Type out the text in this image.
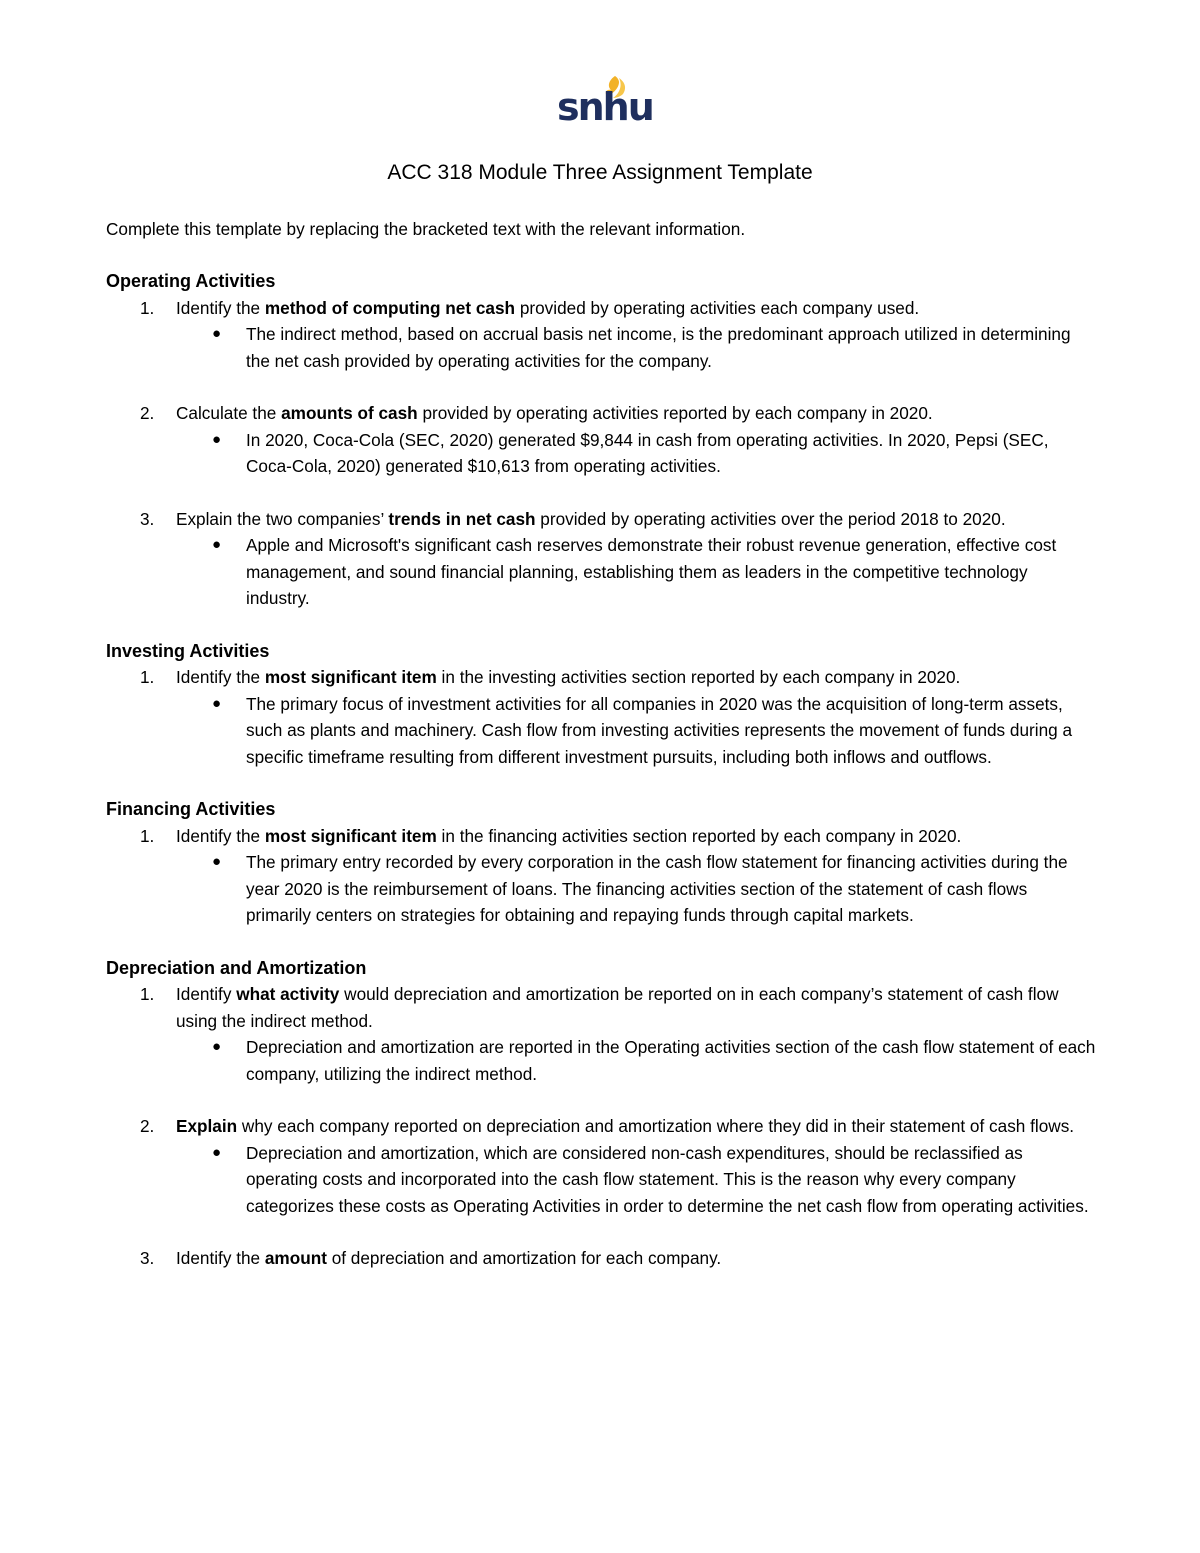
snhu
ACC 318 Module Three Assignment Template

Complete this template by replacing the bracketed text with the relevant information.

Operating Activities
1. Identify the method of computing net cash provided by operating activities each company used.
● The indirect method, based on accrual basis net income, is the predominant approach utilized in determining the net cash provided by operating activities for the company.
2. Calculate the amounts of cash provided by operating activities reported by each company in 2020.
● In 2020, Coca-Cola (SEC, 2020) generated $9,844 in cash from operating activities. In 2020, Pepsi (SEC, Coca-Cola, 2020) generated $10,613 from operating activities.
3. Explain the two companies’ trends in net cash provided by operating activities over the period 2018 to 2020.
● Apple and Microsoft's significant cash reserves demonstrate their robust revenue generation, effective cost management, and sound financial planning, establishing them as leaders in the competitive technology industry.
Investing Activities
1. Identify the most significant item in the investing activities section reported by each company in 2020.
● The primary focus of investment activities for all companies in 2020 was the acquisition of long-term assets, such as plants and machinery. Cash flow from investing activities represents the movement of funds during a specific timeframe resulting from different investment pursuits, including both inflows and outflows.
Financing Activities
1. Identify the most significant item in the financing activities section reported by each company in 2020.
● The primary entry recorded by every corporation in the cash flow statement for financing activities during the year 2020 is the reimbursement of loans. The financing activities section of the statement of cash flows primarily centers on strategies for obtaining and repaying funds through capital markets.
Depreciation and Amortization
1. Identify what activity would depreciation and amortization be reported on in each company’s statement of cash flow using the indirect method.
● Depreciation and amortization are reported in the Operating activities section of the cash flow statement of each company, utilizing the indirect method.
2. Explain why each company reported on depreciation and amortization where they did in their statement of cash flows.
● Depreciation and amortization, which are considered non-cash expenditures, should be reclassified as operating costs and incorporated into the cash flow statement. This is the reason why every company categorizes these costs as Operating Activities in order to determine the net cash flow from operating activities.
3. Identify the amount of depreciation and amortization for each company.
